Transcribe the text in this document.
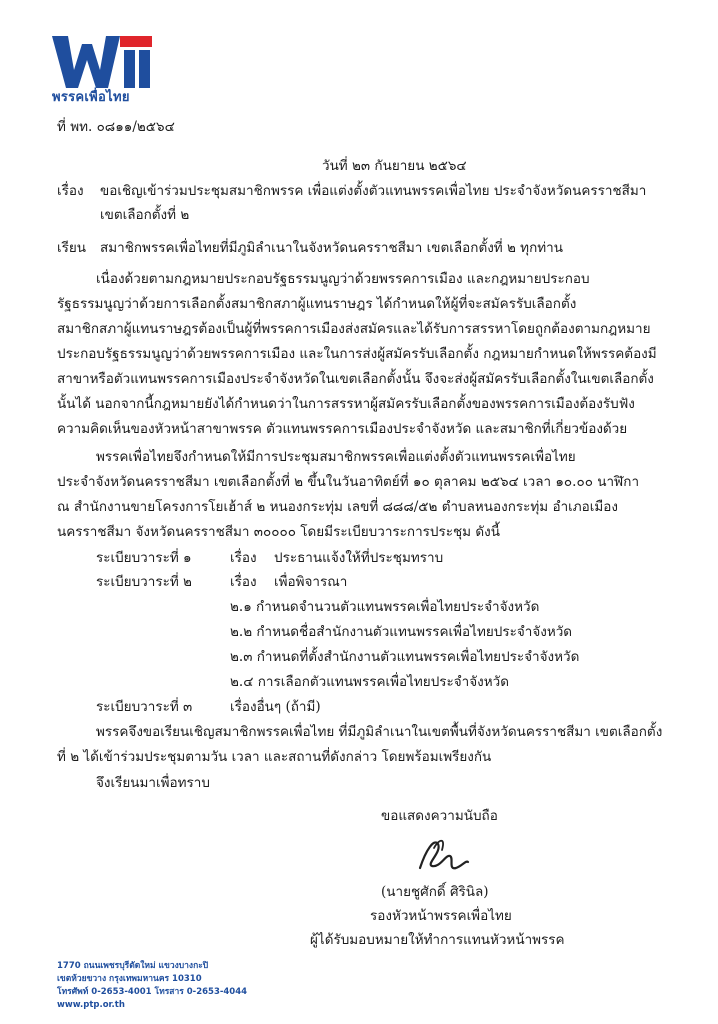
พรรคเพื่อไทย
ที่ พท. ๐๘๑๑/๒๕๖๔
วันที่ ๒๓ กันยายน ๒๕๖๔
เรื่อง ขอเชิญเข้าร่วมประชุมสมาชิกพรรค เพื่อแต่งตั้งตัวแทนพรรคเพื่อไทย ประจำจังหวัดนครราชสีมา
เขตเลือกตั้งที่ ๒
เรียน สมาชิกพรรคเพื่อไทยที่มีภูมิลำเนาในจังหวัดนครราชสีมา เขตเลือกตั้งที่ ๒ ทุกท่าน
เนื่องด้วยตามกฎหมายประกอบรัฐธรรมนูญว่าด้วยพรรคการเมือง และกฎหมายประกอบ
รัฐธรรมนูญว่าด้วยการเลือกตั้งสมาชิกสภาผู้แทนราษฎร ได้กำหนดให้ผู้ที่จะสมัครรับเลือกตั้ง
สมาชิกสภาผู้แทนราษฎรต้องเป็นผู้ที่พรรคการเมืองส่งสมัครและได้รับการสรรหาโดยถูกต้องตามกฎหมาย
ประกอบรัฐธรรมนูญว่าด้วยพรรคการเมือง และในการส่งผู้สมัครรับเลือกตั้ง กฎหมายกำหนดให้พรรคต้องมี
สาขาหรือตัวแทนพรรคการเมืองประจำจังหวัดในเขตเลือกตั้งนั้น จึงจะส่งผู้สมัครรับเลือกตั้งในเขตเลือกตั้ง
นั้นได้ นอกจากนี้กฎหมายยังได้กำหนดว่าในการสรรหาผู้สมัครรับเลือกตั้งของพรรคการเมืองต้องรับฟัง
ความคิดเห็นของหัวหน้าสาขาพรรค ตัวแทนพรรคการเมืองประจำจังหวัด และสมาชิกที่เกี่ยวข้องด้วย
พรรคเพื่อไทยจึงกำหนดให้มีการประชุมสมาชิกพรรคเพื่อแต่งตั้งตัวแทนพรรคเพื่อไทย
ประจำจังหวัดนครราชสีมา เขตเลือกตั้งที่ ๒ ขึ้นในวันอาทิตย์ที่ ๑๐ ตุลาคม ๒๕๖๔ เวลา ๑๐.๐๐ นาฬิกา
ณ สำนักงานขายโครงการโยเฮ้าส์ ๒ หนองกระทุ่ม เลขที่ ๘๘๘/๕๒ ตำบลหนองกระทุ่ม อำเภอเมือง
นครราชสีมา จังหวัดนครราชสีมา ๓๐๐๐๐ โดยมีระเบียบวาระการประชุม ดังนี้
ระเบียบวาระที่ ๑	เรื่อง ประธานแจ้งให้ที่ประชุมทราบ
ระเบียบวาระที่ ๒	เรื่อง เพื่อพิจารณา
๒.๑ กำหนดจำนวนตัวแทนพรรคเพื่อไทยประจำจังหวัด
๒.๒ กำหนดชื่อสำนักงานตัวแทนพรรคเพื่อไทยประจำจังหวัด
๒.๓ กำหนดที่ตั้งสำนักงานตัวแทนพรรคเพื่อไทยประจำจังหวัด
๒.๔ การเลือกตัวแทนพรรคเพื่อไทยประจำจังหวัด
ระเบียบวาระที่ ๓	เรื่องอื่นๆ (ถ้ามี)
พรรคจึงขอเรียนเชิญสมาชิกพรรคเพื่อไทย ที่มีภูมิลำเนาในเขตพื้นที่จังหวัดนครราชสีมา เขตเลือกตั้ง
ที่ ๒ ได้เข้าร่วมประชุมตามวัน เวลา และสถานที่ดังกล่าว โดยพร้อมเพรียงกัน
จึงเรียนมาเพื่อทราบ
ขอแสดงความนับถือ
(นายชูศักดิ์ ศิรินิล)
รองหัวหน้าพรรคเพื่อไทย
ผู้ได้รับมอบหมายให้ทำการแทนหัวหน้าพรรค
1770 ถนนเพชรบุรีตัดใหม่ แขวงบางกะปิ
เขตห้วยขวาง กรุงเทพมหานคร 10310
โทรศัพท์ 0-2653-4001 โทรสาร 0-2653-4044
www.ptp.or.th
